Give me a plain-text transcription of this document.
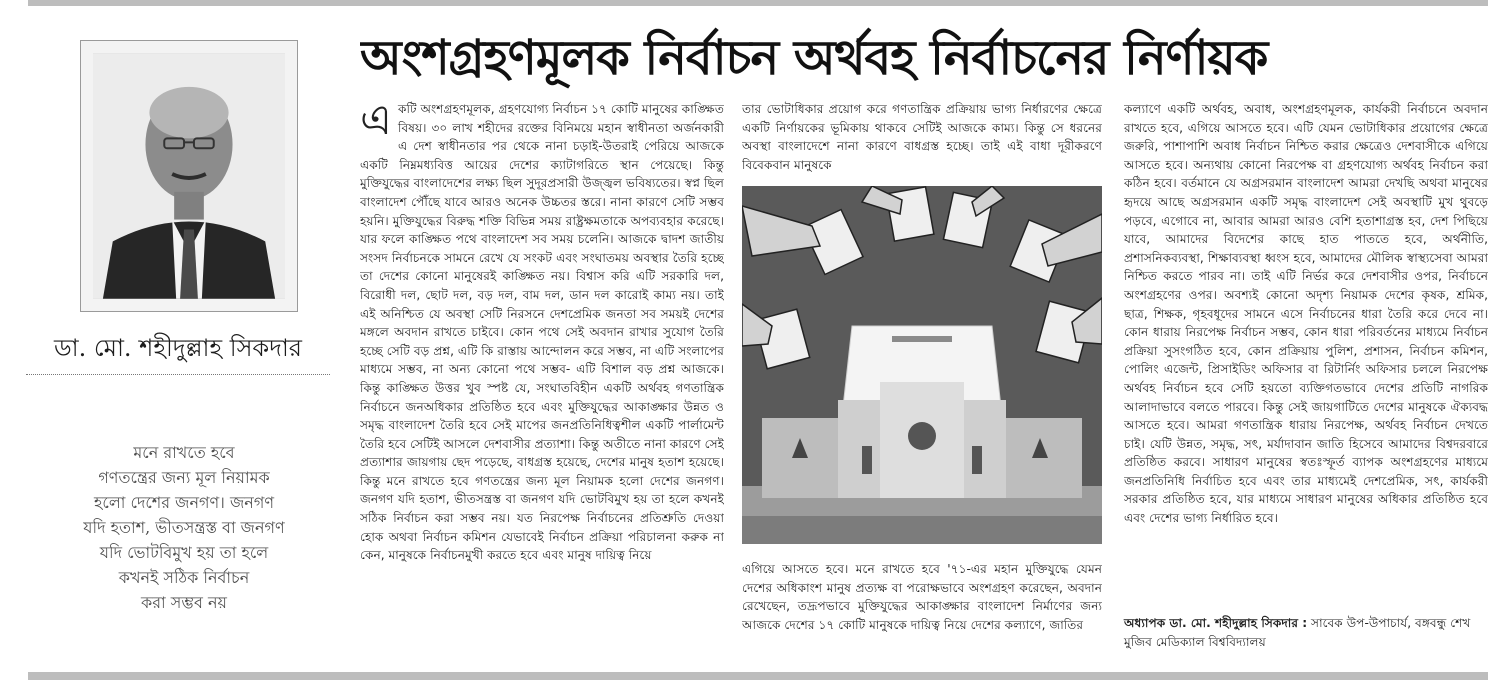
ডা. মো. শহীদুল্লাহ সিকদার
মনে রাখতে হবে
গণতন্ত্রের জন্য মূল নিয়ামক
হলো দেশের জনগণ। জনগণ
যদি হতাশ, ভীতসন্ত্রস্ত বা জনগণ
যদি ভোটবিমুখ হয় তা হলে
কখনই সঠিক নির্বাচন
করা সম্ভব নয়
অংশগ্রহণমূলক নির্বাচন অর্থবহ নির্বাচনের নির্ণায়ক
একটি অংশগ্রহণমূলক, গ্রহণযোগ্য নির্বাচন ১৭ কোটি মানুষের কাঙ্ক্ষিত বিষয়। ৩০ লাখ শহীদের রক্তের বিনিময়ে মহান স্বাধীনতা অর্জনকারী এ দেশ স্বাধীনতার পর থেকে নানা চড়াই-উতরাই পেরিয়ে আজকে একটি নিম্নমধ্যবিত্ত আয়ের দেশের ক্যাটাগরিতে স্থান পেয়েছে। কিন্তু মুক্তিযুদ্ধের বাংলাদেশের লক্ষ্য ছিল সুদূরপ্রসারী উজ্জ্বল ভবিষ্যতের। স্বপ্ন ছিল বাংলাদেশ পৌঁছে যাবে আরও অনেক উচ্চতর স্তরে। নানা কারণে সেটি সম্ভব হয়নি। মুক্তিযুদ্ধের বিরুদ্ধ শক্তি বিভিন্ন সময় রাষ্ট্রক্ষমতাকে অপব্যবহার করেছে। যার ফলে কাঙ্ক্ষিত পথে বাংলাদেশ সব সময় চলেনি। আজকে দ্বাদশ জাতীয় সংসদ নির্বাচনকে সামনে রেখে যে সংকট এবং সংঘাতময় অবস্থার তৈরি হচ্ছে তা দেশের কোনো মানুষেরই কাঙ্ক্ষিত নয়। বিশ্বাস করি এটি সরকারি দল, বিরোধী দল, ছোট দল, বড় দল, বাম দল, ডান দল কারোই কাম্য নয়। তাই এই অনিশ্চিত যে অবস্থা সেটি নিরসনে দেশপ্রেমিক জনতা সব সময়ই দেশের মঙ্গলে অবদান রাখতে চাইবে। কোন পথে সেই অবদান রাখার সুযোগ তৈরি হচ্ছে সেটি বড় প্রশ্ন, এটি কি রাস্তায় আন্দোলন করে সম্ভব, না এটি সংলাপের মাধ্যমে সম্ভব, না অন্য কোনো পথে সম্ভব- এটি বিশাল বড় প্রশ্ন আজকে। কিন্তু কাঙ্ক্ষিত উত্তর খুব স্পষ্ট যে, সংঘাতবিহীন একটি অর্থবহ গণতান্ত্রিক নির্বাচনে জনঅধিকার প্রতিষ্ঠিত হবে এবং মুক্তিযুদ্ধের আকাঙ্ক্ষার উন্নত ও সমৃদ্ধ বাংলাদেশ তৈরি হবে সেই মাপের জনপ্রতিনিধিত্বশীল একটি পার্লামেন্ট তৈরি হবে সেটিই আসলে দেশবাসীর প্রত্যাশা। কিন্তু অতীতে নানা কারণে সেই প্রত্যাশার জায়গায় ছেদ পড়েছে, বাধগ্রস্ত হয়েছে, দেশের মানুষ হতাশ হয়েছে। কিন্তু মনে রাখতে হবে গণতন্ত্রের জন্য মূল নিয়ামক হলো দেশের জনগণ। জনগণ যদি হতাশ, ভীতসন্ত্রস্ত বা জনগণ যদি ভোটবিমুখ হয় তা হলে কখনই সঠিক নির্বাচন করা সম্ভব নয়। যত নিরপেক্ষ নির্বাচনের প্রতিশ্রুতি দেওয়া হোক অথবা নির্বাচন কমিশন যেভাবেই নির্বাচন প্রক্রিয়া পরিচালনা করুক না কেন, মানুষকে নির্বাচনমুখী করতে হবে এবং মানুষ দায়িত্ব নিয়ে
তার ভোটাধিকার প্রয়োগ করে গণতান্ত্রিক প্রক্রিয়ায় ভাগ্য নির্ধারণের ক্ষেত্রে একটি নির্ণায়কের ভূমিকায় থাকবে সেটিই আজকে কাম্য। কিন্তু সে ধরনের অবস্থা বাংলাদেশে নানা কারণে বাধগ্রস্ত হচ্ছে। তাই এই বাধা দূরীকরণে বিবেকবান মানুষকে
এগিয়ে আসতে হবে। মনে রাখতে হবে '৭১-এর মহান মুক্তিযুদ্ধে যেমন দেশের অধিকাংশ মানুষ প্রত্যক্ষ বা পরোক্ষভাবে অংশগ্রহণ করেছেন, অবদান রেখেছেন, তদ্রূপভাবে মুক্তিযুদ্ধের আকাঙ্ক্ষার বাংলাদেশ নির্মাণের জন্য আজকে দেশের ১৭ কোটি মানুষকে দায়িত্ব নিয়ে দেশের কল্যাণে, জাতির
কল্যাণে একটি অর্থবহ, অবাধ, অংশগ্রহণমূলক, কার্যকরী নির্বাচনে অবদান রাখতে হবে, এগিয়ে আসতে হবে। এটি যেমন ভোটাধিকার প্রয়োগের ক্ষেত্রে জরুরি, পাশাপাশি অবাধ নির্বাচন নিশ্চিত করার ক্ষেত্রেও দেশবাসীকে এগিয়ে আসতে হবে। অন্যথায় কোনো নিরপেক্ষ বা গ্রহণযোগ্য অর্থবহ নির্বাচন করা কঠিন হবে। বর্তমানে যে অগ্রসরমান বাংলাদেশ আমরা দেখছি অথবা মানুষের হৃদয়ে আছে অগ্রসরমান একটি সমৃদ্ধ বাংলাদেশ সেই অবস্থাটি মুখ থুবড়ে পড়বে, এগোবে না, আবার আমরা আরও বেশি হতাশাগ্রস্ত হব, দেশ পিছিয়ে যাবে, আমাদের বিদেশের কাছে হাত পাততে হবে, অর্থনীতি, প্রশাসনিকব্যবস্থা, শিক্ষাব্যবস্থা ধ্বংস হবে, আমাদের মৌলিক স্বাস্থ্যসেবা আমরা নিশ্চিত করতে পারব না। তাই এটি নির্ভর করে দেশবাসীর ওপর, নির্বাচনে অংশগ্রহণের ওপর। অবশ্যই কোনো অদৃশ্য নিয়ামক দেশের কৃষক, শ্রমিক, ছাত্র, শিক্ষক, গৃহবধূদের সামনে এসে নির্বাচনের ধারা তৈরি করে দেবে না। কোন ধারায় নিরপেক্ষ নির্বাচন সম্ভব, কোন ধারা পরিবর্তনের মাধ্যমে নির্বাচন প্রক্রিয়া সুসংগঠিত হবে, কোন প্রক্রিয়ায় পুলিশ, প্রশাসন, নির্বাচন কমিশন, পোলিং এজেন্ট, প্রিসাইডিং অফিসার বা রিটার্নিং অফিসার চললে নিরপেক্ষ অর্থবহ নির্বাচন হবে সেটি হয়তো ব্যক্তিগতভাবে দেশের প্রতিটি নাগরিক আলাদাভাবে বলতে পারবে। কিন্তু সেই জায়গাটিতে দেশের মানুষকে ঐক্যবদ্ধ আসতে হবে। আমরা গণতান্ত্রিক ধারায় নিরপেক্ষ, অর্থবহ নির্বাচন দেখতে চাই। যেটি উন্নত, সমৃদ্ধ, সৎ, মর্যাদাবান জাতি হিসেবে আমাদের বিশ্বদরবারে প্রতিষ্ঠিত করবে। সাধারণ মানুষের স্বতঃস্ফূর্ত ব্যাপক অংশগ্রহণের মাধ্যমে জনপ্রতিনিধি নির্বাচিত হবে এবং তার মাধ্যমেই দেশপ্রেমিক, সৎ, কার্যকরী সরকার প্রতিষ্ঠিত হবে, যার মাধ্যমে সাধারণ মানুষের অধিকার প্রতিষ্ঠিত হবে এবং দেশের ভাগ্য নির্ধারিত হবে।
অধ্যাপক ডা. মো. শহীদুল্লাহ সিকদার : সাবেক উপ-উপাচার্য, বঙ্গবন্ধু শেখ মুজিব মেডিক্যাল বিশ্ববিদ্যালয়
